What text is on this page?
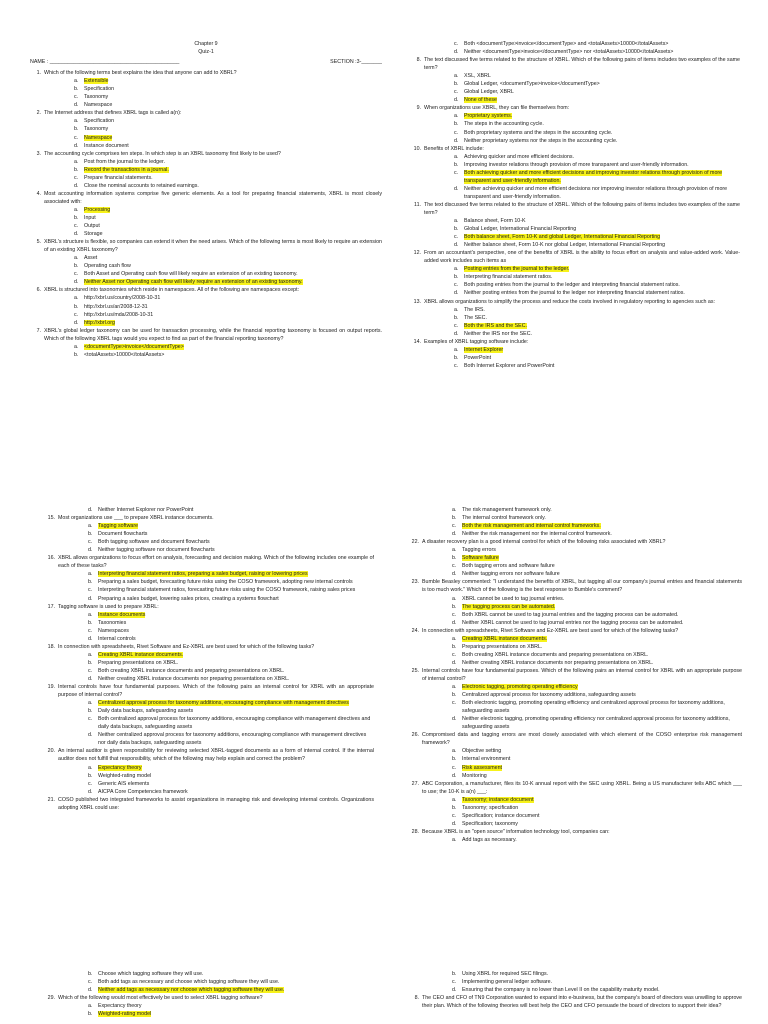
Chapter 9
Quiz-1
NAME : ____________________________________________	SECTION :3-_______
1. Which of the following terms best explains the idea that anyone can add to XBRL?
a.	Extensible
b.	Specification
c.	Taxonomy
d.	Namespace
2. The Internet address that defines XBRL tags is called a(n):
a.	Specification
b.	Taxonomy
c.	Namespace
d.	Instance document
3. The accounting cycle comprises ten steps. In which step is an XBRL taxonomy first likely to be used?
a.	Post from the journal to the ledger.
b.	Record the transactions in a journal.
c.	Prepare financial statements.
d.	Close the nominal accounts to retained earnings.
4. Most accounting information systems comprise five generic elements. As a tool for preparing financial statements, XBRL is most closely associated with:
a.	Processing
b.	Input
c.	Output
d.	Storage
5. XBRL's structure is flexible, so companies can extend it when the need arises. Which of the following terms is most likely to require an extension of an existing XBRL taxonomy?
a.	Asset
b.	Operating cash flow
c.	Both Asset and Operating cash flow will likely require an extension of an existing taxonomy.
d.	Neither Asset nor Operating cash flow will likely require an extension of an existing taxonomy.
6. XBRL is structured into taxonomies which reside in namespaces. All of the following are namespaces except:
a.	http://xbrl.us/country/2008-10-31
b.	http://xbrl.us/ar/2008-12-31
c.	http://xbrl.us/mda/2008-10-31
d.	http://xbrl.org
7. XBRL's global ledger taxonomy can be used for transaction processing, while the financial reporting taxonomy is focused on output reports. Which of the following XBRL tags would you expect to find as part of the financial reporting taxonomy?
a.	<documentType>invoice</documentType>
b.	<totalAssets>10000</totalAssets>
c.	Both <documentType>invoice</documentType> and <totalAssets>10000</totalAssets>
d.	Neither <documentType>invoice</documentType> nor <totalAssets>10000</totalAssets>
8. The text discussed five terms related to the structure of XBRL. Which of the following pairs of items includes two examples of the same term?
a.	XSL, XBRL
b.	Global Ledger, <documentType>invoice</documentType>
c.	Global Ledger, XBRL
d.	None of these
9. When organizations use XBRL, they can file themselves from:
a.	Proprietary systems.
b.	The steps in the accounting cycle.
c.	Both proprietary systems and the steps in the accounting cycle.
d.	Neither proprietary systems nor the steps in the accounting cycle.
10. Benefits of XBRL include:
a.	Achieving quicker and more efficient decisions.
b.	Improving investor relations through provision of more transparent and user-friendly information.
c.	Both achieving quicker and more efficient decisions and improving investor relations through provision of more transparent and user-friendly information.
d.	Neither achieving quicker and more efficient decisions nor improving investor relations through provision of more transparent and user-friendly information.
11. The text discussed five terms related to the structure of XBRL. Which of the following pairs of items includes two examples of the same term?
a.	Balance sheet, Form 10-K
b.	Global Ledger, International Financial Reporting
c.	Both balance sheet, Form 10-K and global Ledger, International Financial Reporting
d.	Neither balance sheet, Form 10-K nor global Ledger, International Financial Reporting
12. From an accountant's perspective, one of the benefits of XBRL is the ability to focus effort on analysis and value-added work. Value-added work includes such items as
a.	Posting entries from the journal to the ledger.
b.	Interpreting financial statement ratios.
c.	Both posting entries from the journal to the ledger and interpreting financial statement ratios.
d.	Neither posting entries from the journal to the ledger nor interpreting financial statement ratios.
13. XBRL allows organizations to simplify the process and reduce the costs involved in regulatory reporting to agencies such as:
a.	The IRS.
b.	The SEC.
c.	Both the IRS and the SEC.
d.	Neither the IRS nor the SEC.
14. Examples of XBRL tagging software include:
a.	Internet Explorer
b.	PowerPoint
c.	Both Internet Explorer and PowerPoint
d.	Neither Internet Explorer nor PowerPoint
15. Most organizations use ___ to prepare XBRL instance documents.
a.	Tagging software
b.	Document flowcharts
c.	Both tagging software and document flowcharts
d.	Neither tagging software nor document flowcharts
16. XBRL allows organizations to focus effort on analysis, forecasting and decision making. Which of the following includes one example of each of these tasks?
a.	Interpreting financial statement ratios, preparing a sales budget, raising or lowering prices
b.	Preparing a sales budget, forecasting future risks using the COSO framework, adopting new internal controls
c.	Interpreting financial statement ratios, forecasting future risks using the COSO framework, raising sales prices
d.	Preparing a sales budget, lowering sales prices, creating a systems flowchart
17. Tagging software is used to prepare XBRL:
a.	Instance documents
b.	Taxonomies
c.	Namespaces
d.	Internal controls
18. In connection with spreadsheets, Rivet Software and Ez-XBRL are best used for which of the following tasks?
a.	Creating XBRL instance documents.
b.	Preparing presentations on XBRL.
c.	Both creating XBRL instance documents and preparing presentations on XBRL.
d.	Neither creating XBRL instance documents nor preparing presentations on XBRL.
19. Internal controls have four fundamental purposes. Which of the following pairs an internal control for XBRL with an appropriate purpose of internal control?
a.	Centralized approval process for taxonomy additions, encouraging compliance with management directives
b.	Daily data backups, safeguarding assets
c.	Both centralized approval process for taxonomy additions, encouraging compliance with management directives and daily data backups, safeguarding assets
d.	Neither centralized approval process for taxonomy additions, encouraging compliance with management directives nor daily data backups, safeguarding assets
20. An internal auditor is given responsibility for reviewing selected XBRL-tagged documents as a form of internal control. If the internal auditor does not fulfill that responsibility, which of the following may help explain and correct the problem?
a.	Expectancy theory
b.	Weighted-rating model
c.	Generic AIS elements
d.	AICPA Core Competencies framework
21. COSO published two integrated frameworks to assist organizations in managing risk and developing internal controls. Organizations adopting XBRL could use:
a.	The risk management framework only.
b.	The internal control framework only.
c.	Both the risk management and internal control frameworks.
d.	Neither the risk management nor the internal control framework.
22. A disaster recovery plan is a good internal control for which of the following risks associated with XBRL?
a.	Tagging errors
b.	Software failure
c.	Both tagging errors and software failure
d.	Neither tagging errors nor software failure
23. Bumble Beasley commented: "I understand the benefits of XBRL, but tagging all our company's journal entries and financial statements is too much work." Which of the following is the best response to Bumble's comment?
a.	XBRL cannot be used to tag journal entries.
b.	The tagging process can be automated.
c.	Both XBRL cannot be used to tag journal entries and the tagging process can be automated.
d.	Neither XBRL cannot be used to tag journal entries nor the tagging process can be automated.
24. In connection with spreadsheets, Rivet Software and Ez-XBRL are best used for which of the following tasks?
a.	Creating XBRL instance documents.
b.	Preparing presentations on XBRL.
c.	Both creating XBRL instance documents and preparing presentations on XBRL.
d.	Neither creating XBRL instance documents nor preparing presentations on XBRL.
25. Internal controls have four fundamental purposes. Which of the following pairs an internal control for XBRL with an appropriate purpose of internal control?
a.	Electronic tagging, promoting operating efficiency
b.	Centralized approval process for taxonomy additions, safeguarding assets
c.	Both electronic tagging, promoting operating efficiency and centralized approval process for taxonomy additions, safeguarding assets
d.	Neither electronic tagging, promoting operating efficiency nor centralized approval process for taxonomy additions, safeguarding assets
26. Compromised data and tagging errors are most closely associated with which element of the COSO enterprise risk management framework?
a.	Objective setting
b.	Internal environment
c.	Risk assessment
d.	Monitoring
27. ABC Corporation, a manufacturer, files its 10-K annual report with the SEC using XBRL. Being a US manufacturer tells ABC which ___ to use; the 10-K is a(n) ___:
a.	Taxonomy; instance document
b.	Taxonomy; specification
c.	Specification; instance document
d.	Specification; taxonomy
28. Because XBRL is an "open source" information technology tool, companies can:
a.	Add tags as necessary.
b.	Choose which tagging software they will use.
c.	Both add tags as necessary and choose which tagging software they will use.
d.	Neither add tags as necessary nor choose which tagging software they will use.
29. Which of the following would most effectively be used to select XBRL tagging software?
a.	Expectancy theory
b.	Weighted-rating model
b.	Using XBRL for required SEC filings.
c.	Implementing general ledger software.
d.	Ensuring that the company is no lower than Level II on the capability maturity model.
8. The CEO and CFO of TN9 Corporation wanted to expand into e-business, but the company's board of directors was unwilling to approve their plan. Which of the following theories will best help the CEO and CFO persuade the board of directors to support their idea?
